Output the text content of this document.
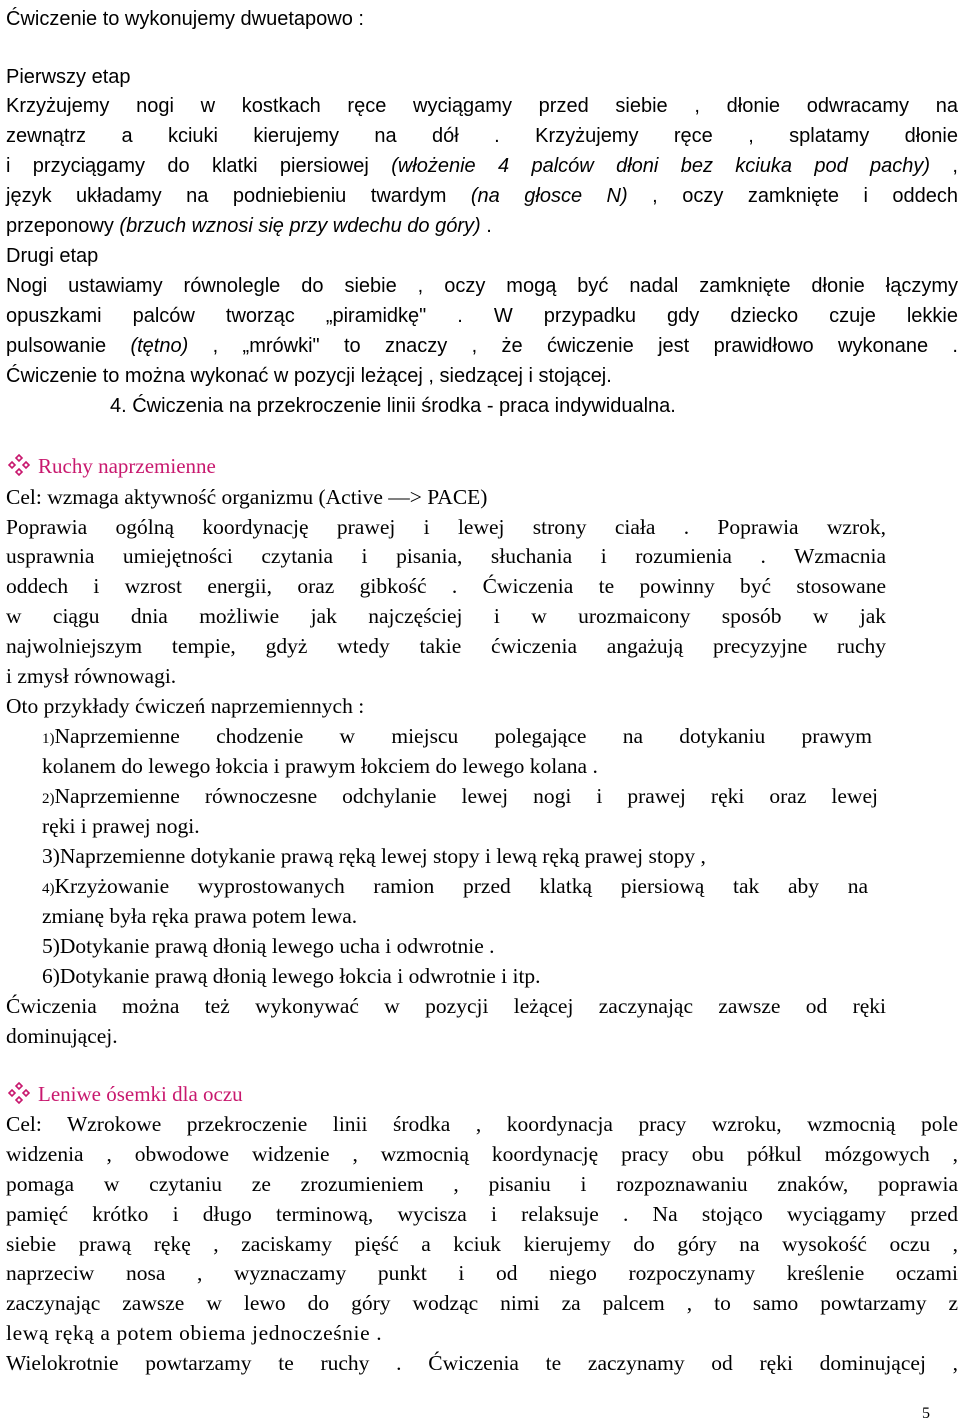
Ćwiczenie to wykonujemy dwuetapowo :
Pierwszy etap
Krzyżujemy nogi w kostkach ręce wyciągamy przed siebie , dłonie odwracamy na
zewnątrz a kciuki kierujemy na dół . Krzyżujemy ręce , splatamy dłonie
i przyciągamy do klatki piersiowej (włożenie 4 palców dłoni bez kciuka pod pachy) ,
język układamy na podniebieniu twardym (na głosce N) , oczy zamknięte i oddech
przeponowy (brzuch wznosi się przy wdechu do góry) .
Drugi etap
Nogi ustawiamy równolegle do siebie , oczy mogą być nadal zamknięte dłonie łączymy
opuszkami palców tworząc „piramidkę" . W przypadku gdy dziecko czuje lekkie
pulsowanie (tętno) , „mrówki" to znaczy , że ćwiczenie jest prawidłowo wykonane .
Ćwiczenie to można wykonać w pozycji leżącej , siedzącej i stojącej.
4. Ćwiczenia na przekroczenie linii środka - praca indywidualna.
Ruchy naprzemienne
Cel: wzmaga aktywność organizmu (Active —> PACE)
Poprawia ogólną koordynację prawej i lewej strony ciała . Poprawia wzrok,
usprawnia umiejętności czytania i pisania, słuchania i rozumienia . Wzmacnia
oddech i wzrost energii, oraz gibkość . Ćwiczenia te powinny być stosowane
w ciągu dnia możliwie jak najczęściej i w urozmaicony sposób w jak
najwolniejszym tempie, gdyż wtedy takie ćwiczenia angażują precyzyjne ruchy
i zmysł równowagi.
Oto przykłady ćwiczeń naprzemiennych :
1)Naprzemienne chodzenie w miejscu polegające na dotykaniu prawym
kolanem do lewego łokcia i prawym łokciem do lewego kolana .
2)Naprzemienne równoczesne odchylanie lewej nogi i prawej ręki oraz lewej
ręki i prawej nogi.
3)Naprzemienne dotykanie prawą ręką lewej stopy i lewą ręką prawej stopy ,
4)Krzyżowanie wyprostowanych ramion przed klatką piersiową tak aby na
zmianę była ręka prawa potem lewa.
5)Dotykanie prawą dłonią lewego ucha i odwrotnie .
6)Dotykanie prawą dłonią lewego łokcia i odwrotnie i itp.
Ćwiczenia można też wykonywać w pozycji leżącej zaczynając zawsze od ręki
dominującej.
Leniwe ósemki dla oczu
Cel: Wzrokowe przekroczenie linii środka , koordynacja pracy wzroku, wzmocnią pole
widzenia , obwodowe widzenie , wzmocnią koordynację pracy obu półkul mózgowych ,
pomaga w czytaniu ze zrozumieniem , pisaniu i rozpoznawaniu znaków, poprawia
pamięć krótko i długo terminową, wycisza i relaksuje . Na stojąco wyciągamy przed
siebie prawą rękę , zaciskamy pięść a kciuk kierujemy do góry na wysokość oczu ,
naprzeciw nosa , wyznaczamy punkt i od niego rozpoczynamy kreślenie oczami
zaczynając zawsze w lewo do góry wodząc nimi za palcem , to samo powtarzamy z
lewą ręką a potem obiema jednocześnie .
Wielokrotnie powtarzamy te ruchy . Ćwiczenia te zaczynamy od ręki dominującej ,
5
